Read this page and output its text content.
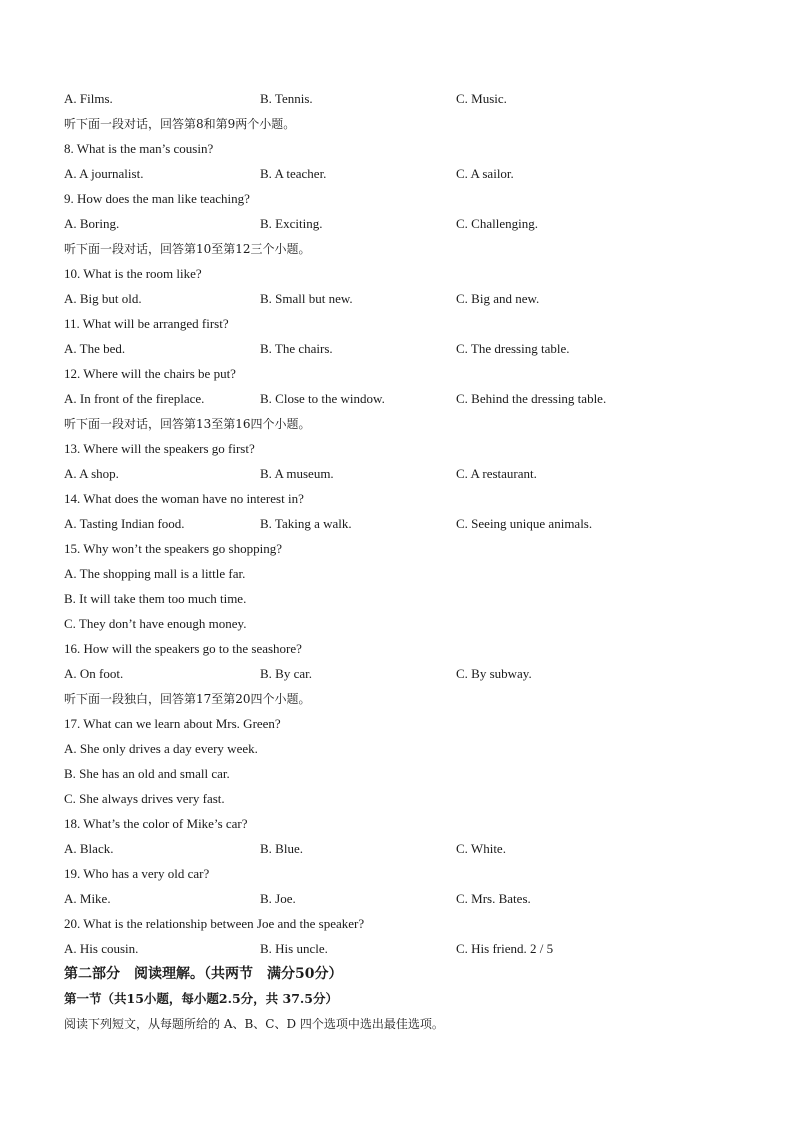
A. Films.	B. Tennis.	C. Music.
听下面一段对话，回答第8和第9两个小题。
8. What is the man’s cousin?
A. A journalist.	B. A teacher.	C. A sailor.
9. How does the man like teaching?
A. Boring.	B. Exciting.	C. Challenging.
听下面一段对话，回答第10至第12三个小题。
10. What is the room like?
A. Big but old.	B. Small but new.	C. Big and new.
11. What will be arranged first?
A. The bed.	B. The chairs.	C. The dressing table.
12. Where will the chairs be put?
A. In front of the fireplace.	B. Close to the window.	C. Behind the dressing table.
听下面一段对话，回答第13至第16四个小题。
13. Where will the speakers go first?
A. A shop.	B. A museum.	C. A restaurant.
14. What does the woman have no interest in?
A. Tasting Indian food.	B. Taking a walk.	C. Seeing unique animals.
15. Why won’t the speakers go shopping?
A. The shopping mall is a little far.
B. It will take them too much time.
C. They don’t have enough money.
16. How will the speakers go to the seashore?
A. On foot.	B. By car.	C. By subway.
听下面一段独白，回答第17至第20四个小题。
17. What can we learn about Mrs. Green?
A. She only drives a day every week.
B. She has an old and small car.
C. She always drives very fast.
18. What’s the color of Mike’s car?
A. Black.	B. Blue.	C. White.
19. Who has a very old car?
A. Mike.	B. Joe.	C. Mrs. Bates.
20. What is the relationship between Joe and the speaker?
A. His cousin.	B. His uncle.	C. His friend. 2 / 5
第二部分　阅读理解。（共两节　满分50分）
第一节（共15小题，每小题2.5分，共 37.5分）
阅读下列短文，从每题所给的 A、B、C、D 四个选项中选出最佳选项。
